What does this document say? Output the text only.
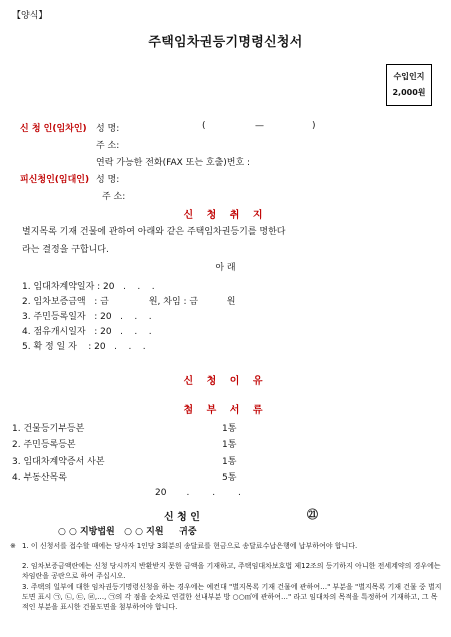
【양식】
주택임차권등기명령신청서
수입인지
2,000원
신 청 인(임차인) 성 명:	(	—	)
주 소:
연락 가능한 전화(FAX 또는 호출)번호 :
피신청인(임대인) 성 명:
주 소:
신 청 취 지
별지목록 기재 건물에 관하여 아래와 같은 주택임차권등기를 명한다
라는 결정을 구합니다.
아 래
1. 임대차계약일자 : 20   .    .    .
2. 임차보증금액   : 금              원, 차임 : 금          원
3. 주민등록일자   : 20   .    .    .
4. 점유개시일자   : 20   .    .    .
5. 확 정 일 자    : 20   .    .    .
신 청 이 유
첨 부 서 류
1. 건물등기부등본	1통
2. 주민등록등본	1통
3. 임대차계약증서 사본	1통
4. 부동산목록	5통
20       .        .        .
신 청 인	㉑
○ ○ 지방법원   ○ ○ 지원     귀중
※ 1. 이 신청서를 접수할 때에는 당사자 1인당 3회분의 송달료를 현금으로 송달료수납은행에 납부하여야 합니다.
2. 임차보증금액란에는 신청 당시까지 반환받지 못한 금액을 기재하고, 주택임대차보호법 제12조의 등기하지 아니한 전세계약의 경우에는 차임란을 공란으로 하여 주십시오.
3. 주택의 일부에 대한 임차권등기명령신청을 하는 경우에는 예컨대 "별지목록 기재 건물에 관하여…" 부분을 "별지목록 기재 건물 중 별지도면 표시 ㉠, ㉡, ㉢, ㉣,…, ㉠의 각 점을 순차로 연결한 선내부분 방 ○○㎡에 관하여…" 라고 임대차의 목적을 특정하여 기재하고, 그 목적인 부분을 표시한 건물도면을 첨부하여야 합니다.
